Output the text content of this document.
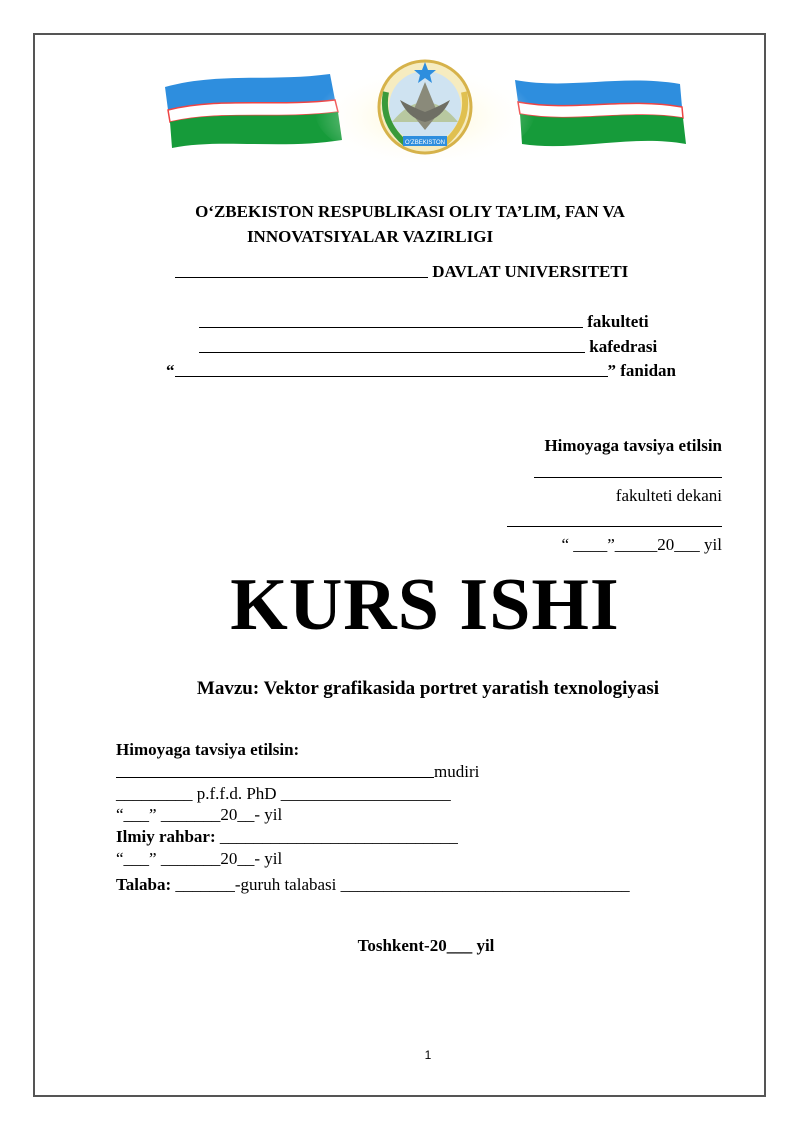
O‘ZBEKISTON
O‘ZBEKISTON RESPUBLIKASI OLIY TA’LIM, FAN VA
INNOVATSIYALAR VAZIRLIGI
DAVLAT UNIVERSITETI
fakulteti
kafedrasi
“	” fanidan
Himoyaga tavsiya etilsin
fakulteti dekani
“ ____”_____20___ yil
KURS ISHI
Mavzu: Vektor grafikasida portret yaratish texnologiyasi
Himoyaga tavsiya etilsin:
mudiri
_________ p.f.f.d. PhD ____________________
“___” _______20__- yil
Ilmiy rahbar: ____________________________
“___” _______20__- yil
Talaba: _______-guruh talabasi __________________________________
Toshkent-20___ yil
1
